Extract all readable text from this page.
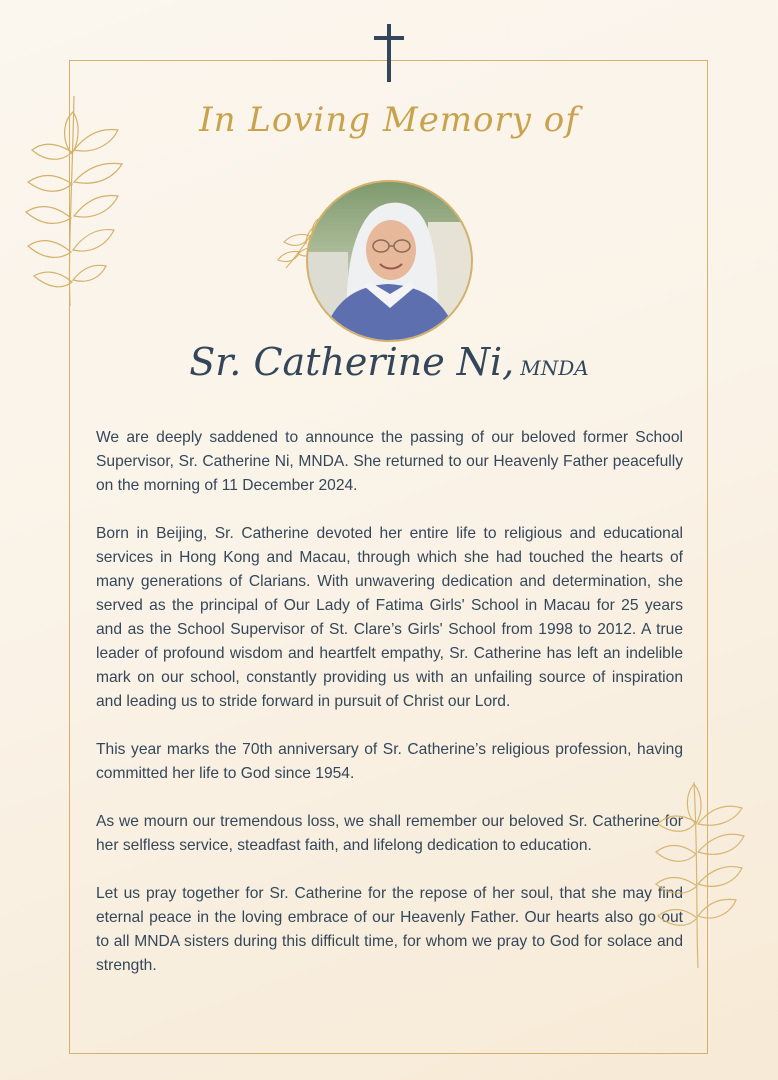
In Loving Memory of
Sr. Catherine Ni, MNDA

We are deeply saddened to announce the passing of our beloved former School Supervisor, Sr. Catherine Ni, MNDA. She returned to our Heavenly Father peacefully on the morning of 11 December 2024.

Born in Beijing, Sr. Catherine devoted her entire life to religious and educational services in Hong Kong and Macau, through which she had touched the hearts of many generations of Clarians. With unwavering dedication and determination, she served as the principal of Our Lady of Fatima Girls' School in Macau for 25 years and as the School Supervisor of St. Clare’s Girls' School from 1998 to 2012. A true leader of profound wisdom and heartfelt empathy, Sr. Catherine has left an indelible mark on our school, constantly providing us with an unfailing source of inspiration and leading us to stride forward in pursuit of Christ our Lord.

This year marks the 70th anniversary of Sr. Catherine’s religious profession, having committed her life to God since 1954.

As we mourn our tremendous loss, we shall remember our beloved Sr. Catherine for her selfless service, steadfast faith, and lifelong dedication to education.

Let us pray together for Sr. Catherine for the repose of her soul, that she may find eternal peace in the loving embrace of our Heavenly Father. Our hearts also go out to all MNDA sisters during this difficult time, for whom we pray to God for solace and strength.
